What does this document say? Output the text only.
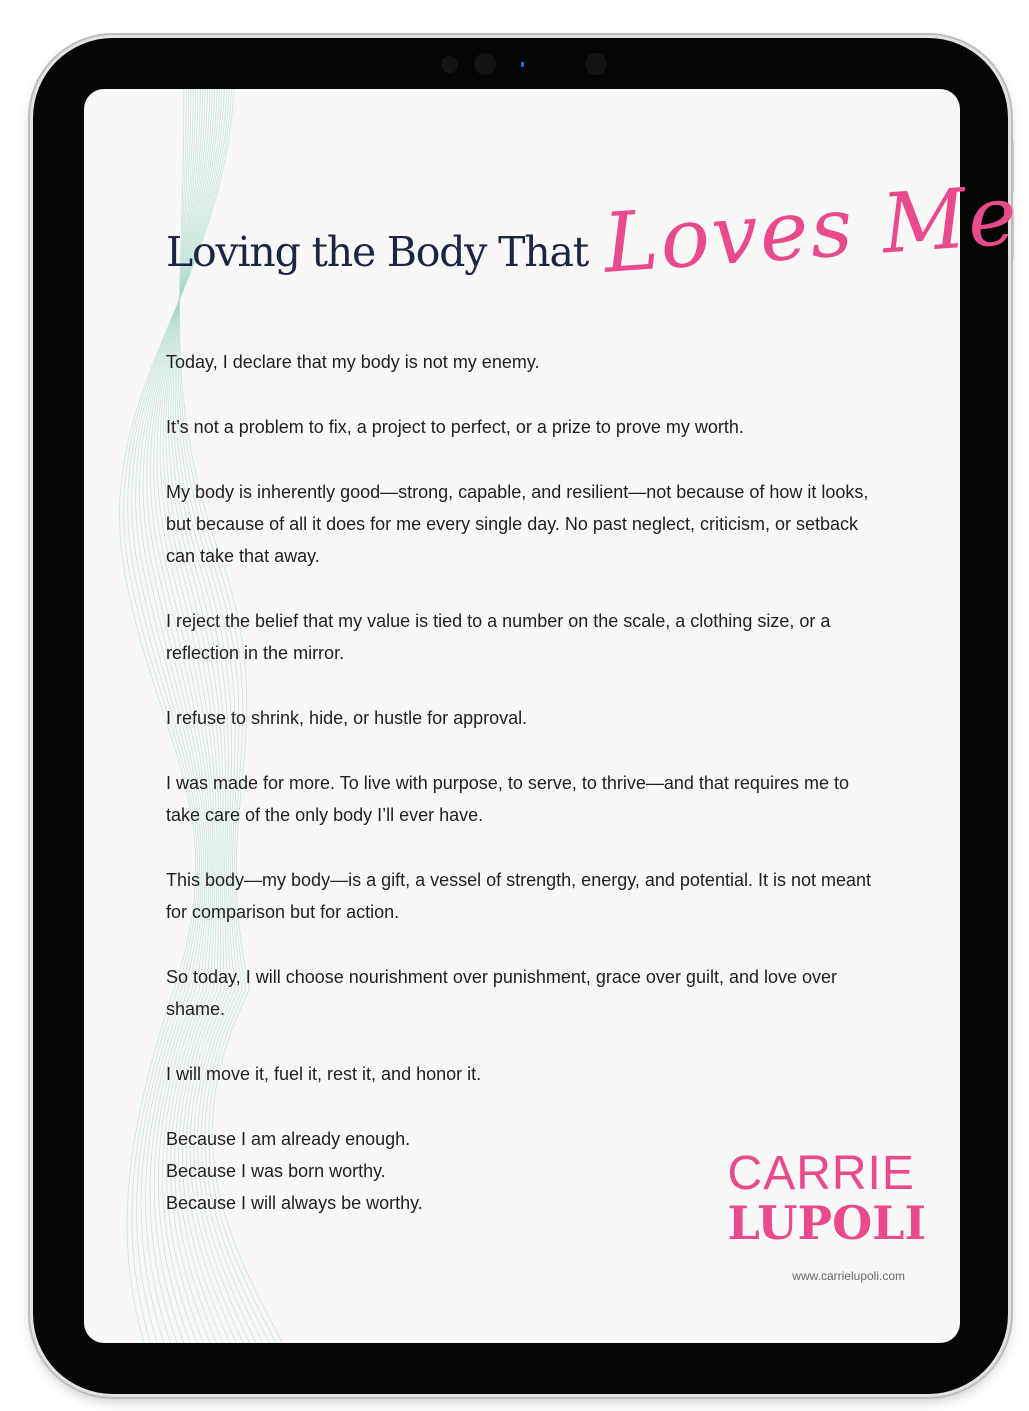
Loving the Body That Loves Me

Today, I declare that my body is not my enemy.

It’s not a problem to fix, a project to perfect, or a prize to prove my worth.

My body is inherently good—strong, capable, and resilient—not because of how it looks, but because of all it does for me every single day. No past neglect, criticism, or setback can take that away.

I reject the belief that my value is tied to a number on the scale, a clothing size, or a reflection in the mirror.

I refuse to shrink, hide, or hustle for approval.

I was made for more. To live with purpose, to serve, to thrive—and that requires me to take care of the only body I’ll ever have.

This body—my body—is a gift, a vessel of strength, energy, and potential. It is not meant for comparison but for action.

So today, I will choose nourishment over punishment, grace over guilt, and love over shame.

I will move it, fuel it, rest it, and honor it.

Because I am already enough.
Because I was born worthy.
Because I will always be worthy.

CARRIE
LUPOLI
www.carrielupoli.com
